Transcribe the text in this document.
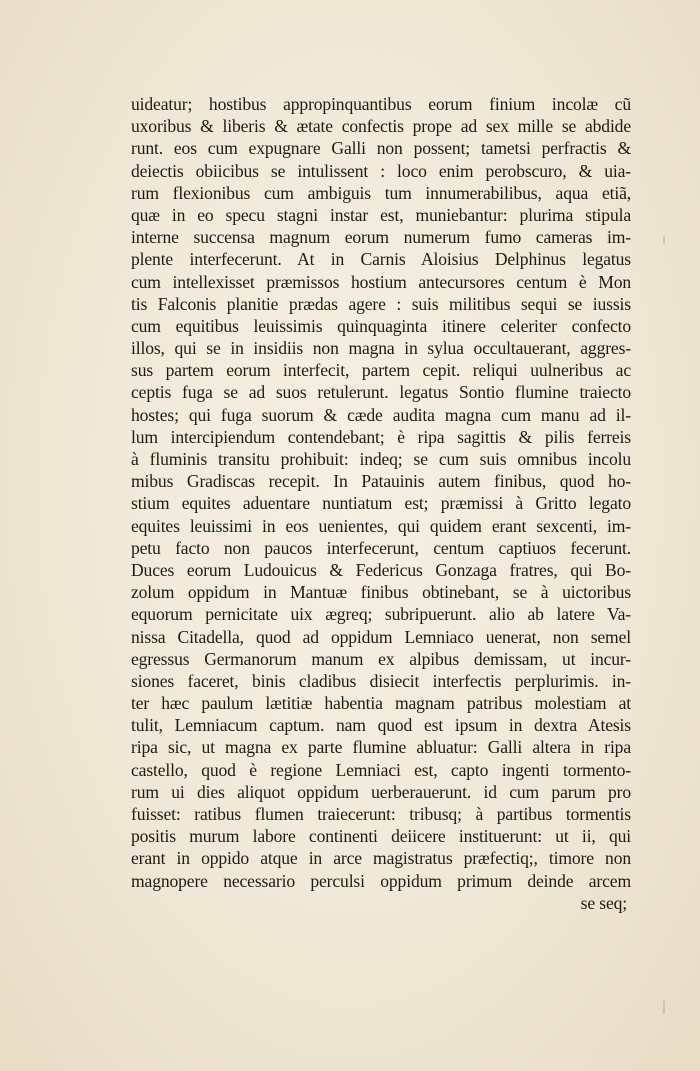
uideatur; hostibus appropinquantibus eorum finium incolæ cũ
uxoribus & liberis & ætate confectis prope ad sex mille se abdide
runt. eos cum expugnare Galli non possent; tametsi perfractis &
deiectis obiicibus se intulissent : loco enim perobscuro, & uia-
rum flexionibus cum ambiguis tum innumerabilibus, aqua etiã,
quæ in eo specu stagni instar est, muniebantur: plurima stipula
interne succensa magnum eorum numerum fumo cameras im-
plente interfecerunt. At in Carnis Aloisius Delphinus legatus
cum intellexisset præmissos hostium antecursores centum è Mon
tis Falconis planitie prædas agere : suis militibus sequi se iussis
cum equitibus leuissimis quinquaginta itinere celeriter confecto
illos, qui se in insidiis non magna in sylua occultauerant, aggres-
sus partem eorum interfecit, partem cepit. reliqui uulneribus ac
ceptis fuga se ad suos retulerunt. legatus Sontio flumine traiecto
hostes; qui fuga suorum & cæde audita magna cum manu ad il-
lum intercipiendum contendebant; è ripa sagittis & pilis ferreis
à fluminis transitu prohibuit: indeq; se cum suis omnibus incolu
mibus Gradiscas recepit. In Patauinis autem finibus, quod ho-
stium equites aduentare nuntiatum est; præmissi à Gritto legato
equites leuissimi in eos uenientes, qui quidem erant sexcenti, im-
petu facto non paucos interfecerunt, centum captiuos fecerunt.
Duces eorum Ludouicus & Federicus Gonzaga fratres, qui Bo-
zolum oppidum in Mantuæ finibus obtinebant, se à uictoribus
equorum pernicitate uix ægreq; subripuerunt. alio ab latere Va-
nissa Citadella, quod ad oppidum Lemniaco uenerat, non semel
egressus Germanorum manum ex alpibus demissam, ut incur-
siones faceret, binis cladibus disiecit interfectis perplurimis. in-
ter hæc paulum lætitiæ habentia magnam patribus molestiam at
tulit, Lemniacum captum. nam quod est ipsum in dextra Atesis
ripa sic, ut magna ex parte flumine abluatur: Galli altera in ripa
castello, quod è regione Lemniaci est, capto ingenti tormento-
rum ui dies aliquot oppidum uerberauerunt. id cum parum pro
fuisset: ratibus flumen traiecerunt: tribusq; à partibus tormentis
positis murum labore continenti deiicere instituerunt: ut ii, qui
erant in oppido atque in arce magistratus præfectiq;, timore non
magnopere necessario perculsi oppidum primum deinde arcem
se seq;
